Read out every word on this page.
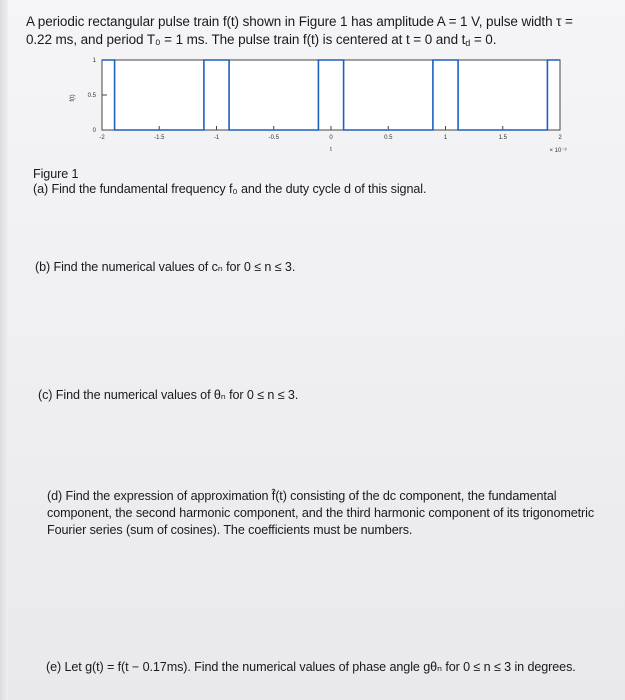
A periodic rectangular pulse train f(t) shown in Figure 1 has amplitude A = 1 V, pulse width τ =
0.22 ms, and period T₀ = 1 ms. The pulse train f(t) is centered at t = 0 and $t_d = 0$.
1
0.5
0
f(t)
-2	-1.5	-1	-0.5	0	0.5	1	1.5	2
t	× 10⁻³
Figure 1
(a) Find the fundamental frequency f₀ and the duty cycle d of this signal.
(b) Find the numerical values of cₙ for 0 ≤ n ≤ 3.
(c) Find the numerical values of θₙ for 0 ≤ n ≤ 3.
(d) Find the expression of approximation f̂(t) consisting of the dc component, the fundamental component, the second harmonic component, and the third harmonic component of its trigonometric Fourier series (sum of cosines). The coefficients must be numbers.
(e) Let g(t) = f(t − 0.17ms). Find the numerical values of phase angle gθₙ for 0 ≤ n ≤ 3 in degrees.
